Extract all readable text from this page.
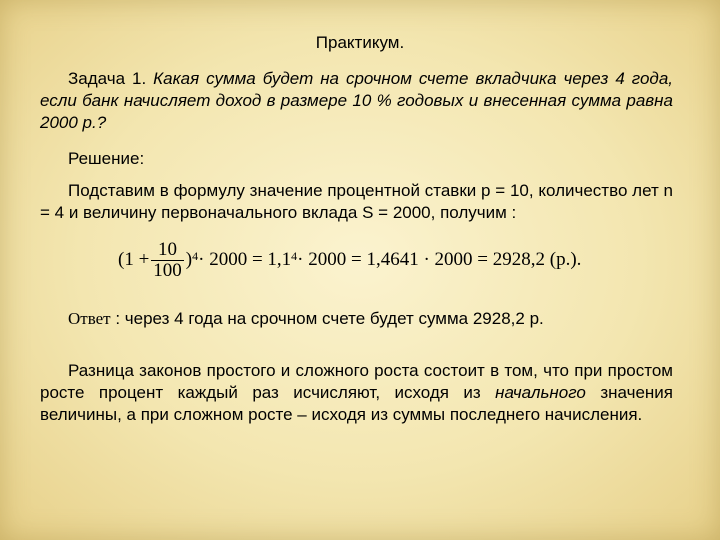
Практикум.

Задача 1. Какая сумма будет на срочном счете вкладчика через 4 года, если банк начисляет доход в размере 10 % годовых и внесенная сумма равна 2000 р.?

Решение:

Подставим в формулу значение процентной ставки p = 10, количество лет n = 4 и величину первоначального вклада S = 2000, получим :

$(1 + \frac{10}{100} )^4 \cdot 2000 = 1,1^4 \cdot 2000 = 1,4641 \cdot 2000 = 2928,2$ (р.).

Ответ : через 4 года на срочном счете будет сумма 2928,2 р.

Разница законов простого и сложного роста состоит в том, что при простом росте процент каждый раз исчисляют, исходя из начального значения величины, а при сложном росте – исходя из суммы последнего начисления.
